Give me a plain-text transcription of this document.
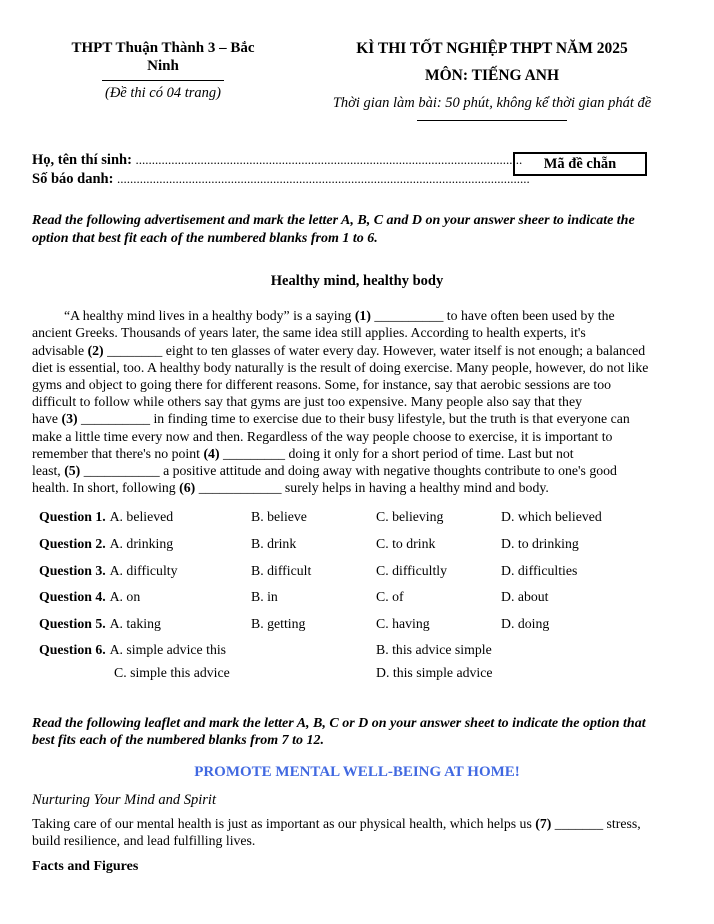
THPT Thuận Thành 3 – Bắc
Ninh
(Đề thi có 04 trang)
KÌ THI TỐT NGHIỆP THPT NĂM 2025
MÔN: TIẾNG ANH
Thời gian làm bài: 50 phút, không kể thời gian phát đề
Họ, tên thí sinh: .......................................................................................................................
Số báo danh: ...............................................................................................................................
Mã đề chẵn
Read the following advertisement and mark the letter A, B, C and D on your answer sheer to indicate the
option that best fit each of the numbered blanks from 1 to 6.
Healthy mind, healthy body
“A healthy mind lives in a healthy body” is a saying (1) __________ to have often been used by the
ancient Greeks. Thousands of years later, the same idea still applies. According to health experts, it's
advisable (2) ________ eight to ten glasses of water every day. However, water itself is not enough; a balanced
diet is essential, too. A healthy body naturally is the result of doing exercise. Many people, however, do not like
gyms and object to going there for different reasons. Some, for instance, say that aerobic sessions are too
difficult to follow while others say that gyms are just too expensive. Many people also say that they
have (3) __________ in finding time to exercise due to their busy lifestyle, but the truth is that everyone can
make a little time every now and then. Regardless of the way people choose to exercise, it is important to
remember that there's no point (4) _________ doing it only for a short period of time. Last but not
least, (5) ___________ a positive attitude and doing away with negative thoughts contribute to one's good
health. In short, following (6) ____________ surely helps in having a healthy mind and body.
Question 1. A. believed	B. believe	C. believing	D. which believed
Question 2. A. drinking	B. drink	C. to drink	D. to drinking
Question 3. A. difficulty	B. difficult	C. difficultly	D. difficulties
Question 4. A. on	B. in	C. of	D. about
Question 5. A. taking	B. getting	C. having	D. doing
Question 6. A. simple advice this	B. this advice simple
C. simple this advice	D. this simple advice
Read the following leaflet and mark the letter A, B, C or D on your answer sheet to indicate the option that
best fits each of the numbered blanks from 7 to 12.
PROMOTE MENTAL WELL-BEING AT HOME!
Nurturing Your Mind and Spirit
Taking care of our mental health is just as important as our physical health, which helps us (7) _______ stress,
build resilience, and lead fulfilling lives.
Facts and Figures
